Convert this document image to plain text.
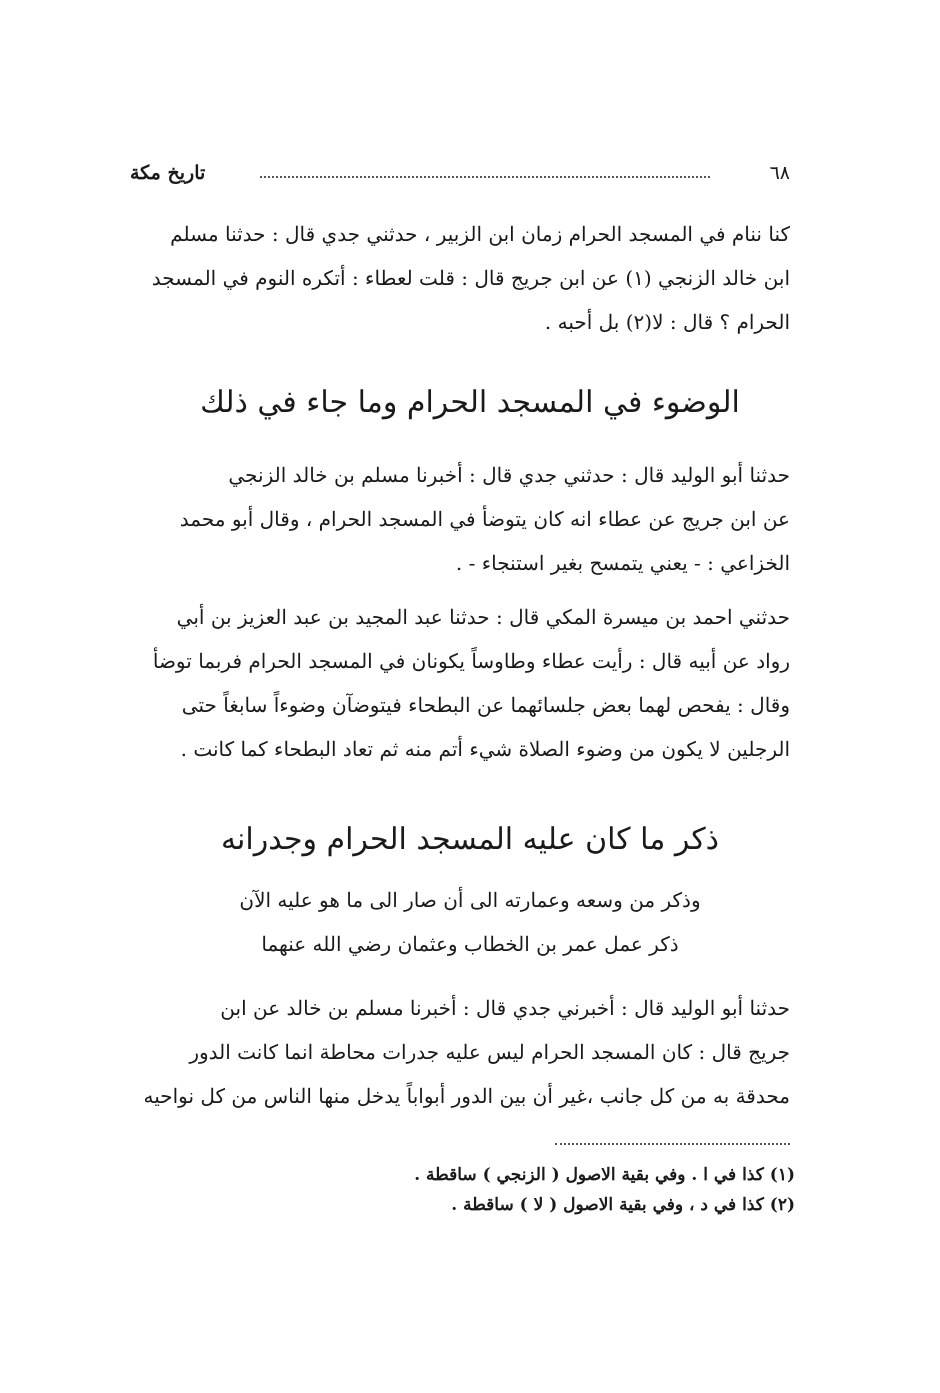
٦٨
تاريخ مكة
كنا ننام في المسجد الحرام زمان ابن الزبير ، حدثني جدي قال : حدثنا مسلم
ابن خالد الزنجي (١) عن ابن جريج قال : قلت لعطاء : أتكره النوم في المسجد
الحرام ؟ قال : لا(٢) بل أحبه .
الوضوء في المسجد الحرام وما جاء في ذلك
حدثنا أبو الوليد قال : حدثني جدي قال : أخبرنا مسلم بن خالد الزنجي
عن ابن جريج عن عطاء انه كان يتوضأ في المسجد الحرام ، وقال أبو محمد
الخزاعي : - يعني يتمسح بغير استنجاء - .
حدثني احمد بن ميسرة المكي قال : حدثنا عبد المجيد بن عبد العزيز بن أبي
رواد عن أبيه قال : رأيت عطاء وطاوساً يكونان في المسجد الحرام فربما توضأ
وقال : يفحص لهما بعض جلسائهما عن البطحاء فيتوضآن وضوءاً سابغاً حتى
الرجلين لا يكون من وضوء الصلاة شيء أتم منه ثم تعاد البطحاء كما كانت .
ذكر ما كان عليه المسجد الحرام وجدرانه
وذكر من وسعه وعمارته الى أن صار الى ما هو عليه الآن
ذكر عمل عمر بن الخطاب وعثمان رضي الله عنهما
حدثنا أبو الوليد قال : أخبرني جدي قال : أخبرنا مسلم بن خالد عن ابن
جريج قال : كان المسجد الحرام ليس عليه جدرات محاطة انما كانت الدور
محدقة به من كل جانب ،غير أن بين الدور أبواباً يدخل منها الناس من كل نواحيه
(١) كذا في ا . وفي بقية الاصول ( الزنجي ) ساقطة .
(٢) كذا في د ، وفي بقية الاصول ( لا ) ساقطة .
